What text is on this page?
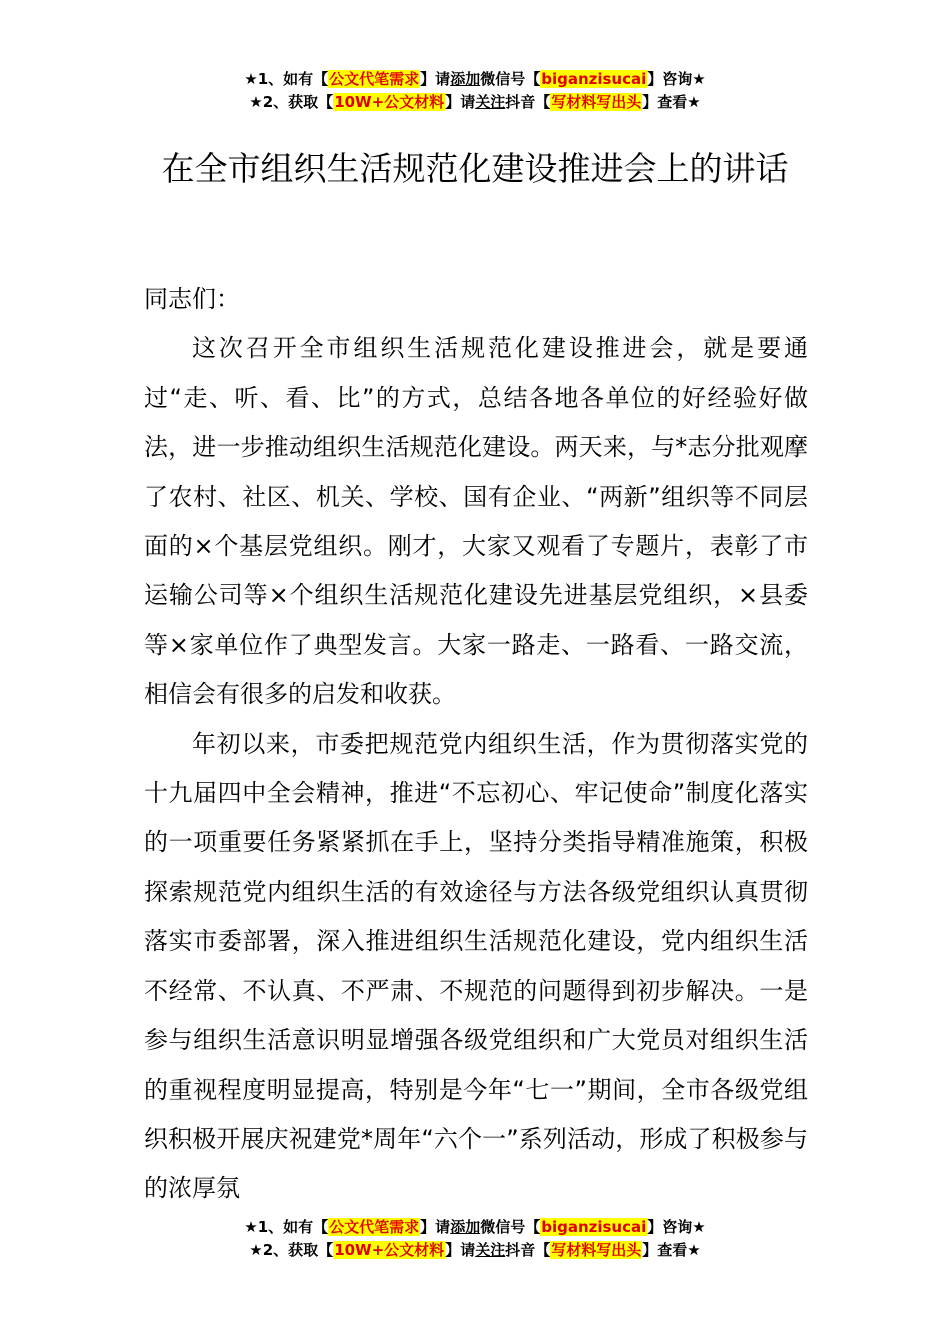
★1、如有【公文代笔需求】请添加微信号【biganzisucai】咨询★
★2、获取【10W+公文材料】请关注抖音【写材料写出头】查看★
在全市组织生活规范化建设推进会上的讲话

同志们：

这次召开全市组织生活规范化建设推进会，就是要通过“走、听、看、比”的方式，总结各地各单位的好经验好做法，进一步推动组织生活规范化建设。两天来，与*志分批观摩了农村、社区、机关、学校、国有企业、“两新”组织等不同层面的×个基层党组织。刚才，大家又观看了专题片，表彰了市运输公司等×个组织生活规范化建设先进基层党组织，×县委等×家单位作了典型发言。大家一路走、一路看、一路交流，相信会有很多的启发和收获。

年初以来，市委把规范党内组织生活，作为贯彻落实党的十九届四中全会精神，推进“不忘初心、牢记使命”制度化落实的一项重要任务紧紧抓在手上，坚持分类指导精准施策，积极探索规范党内组织生活的有效途径与方法各级党组织认真贯彻落实市委部署，深入推进组织生活规范化建设，党内组织生活不经常、不认真、不严肃、不规范的问题得到初步解决。一是参与组织生活意识明显增强各级党组织和广大党员对组织生活的重视程度明显提高，特别是今年“七一”期间，全市各级党组织积极开展庆祝建党*周年“六个一”系列活动，形成了积极参与的浓厚氛

★1、如有【公文代笔需求】请添加微信号【biganzisucai】咨询★
★2、获取【10W+公文材料】请关注抖音【写材料写出头】查看★
